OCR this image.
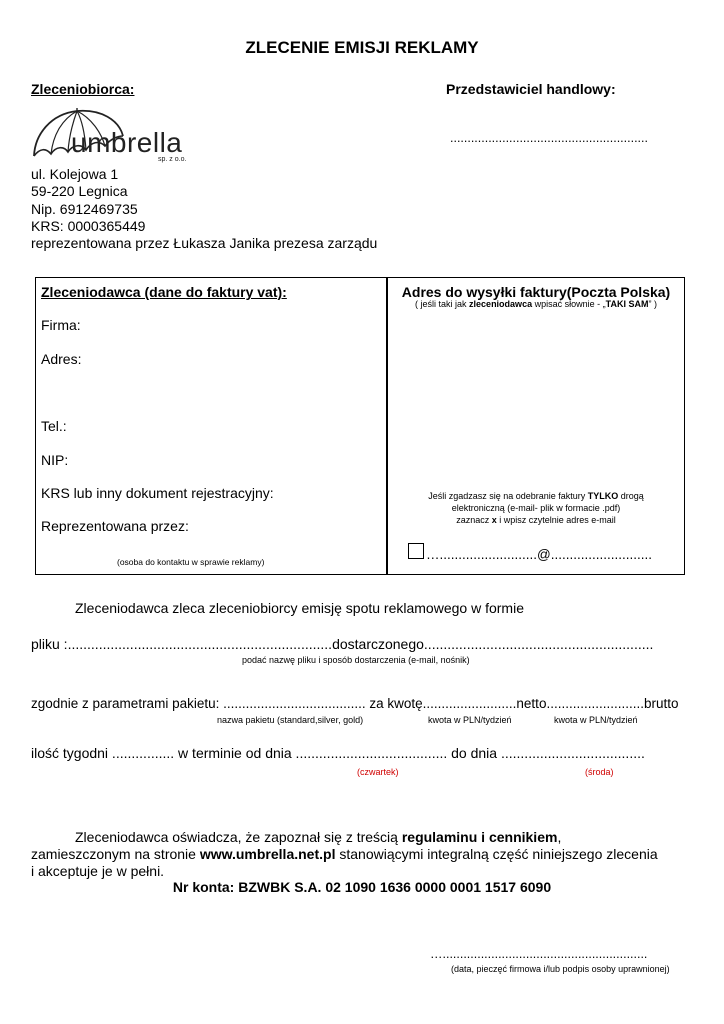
ZLECENIE EMISJI REKLAMY
Zleceniobiorca:
umbrella
sp. z o.o.
ul. Kolejowa 1
59-220 Legnica
Nip. 6912469735
KRS: 0000365449
reprezentowana przez Łukasza Janika prezesa zarządu
Przedstawiciel handlowy:
.........................................................
Zleceniodawca (dane do faktury vat):
Firma:
Adres:
Tel.:
NIP:
KRS lub inny dokument rejestracyjny:
Reprezentowana przez:
(osoba do kontaktu w sprawie reklamy)
Adres do wysyłki faktury(Poczta Polska)
( jeśli taki jak zleceniodawca wpisać słownie - „TAKI SAM” )
Jeśli zgadzasz się na odebranie faktury TYLKO drogą
elektroniczną (e-mail- plik w formacie .pdf)
zaznacz x i wpisz czytelnie adres e-mail
…..........................@...........................
Zleceniodawca zleca zleceniobiorcy emisję spotu reklamowego w formie
pliku :....................................................................dostarczonego...........................................................
podać nazwę pliku i sposób dostarczenia (e-mail, nośnik)
zgodnie z parametrami pakietu: ...................................... za kwotę.........................netto..........................brutto
nazwa pakietu (standard,silver, gold)	kwota w PLN/tydzień	kwota w PLN/tydzień
ilość tygodni ................ w terminie od dnia ....................................... do dnia .....................................
(czwartek)	(środa)
Zleceniodawca oświadcza, że zapoznał się z treścią regulaminu i cennikiem,
zamieszczonym na stronie www.umbrella.net.pl stanowiącymi integralną część niniejszego zlecenia
i akceptuje je w pełni.
Nr konta: BZWBK S.A. 02 1090 1636 0000 0001 1517 6090
…...........................................................
(data, pieczęć firmowa i/lub podpis osoby uprawnionej)
